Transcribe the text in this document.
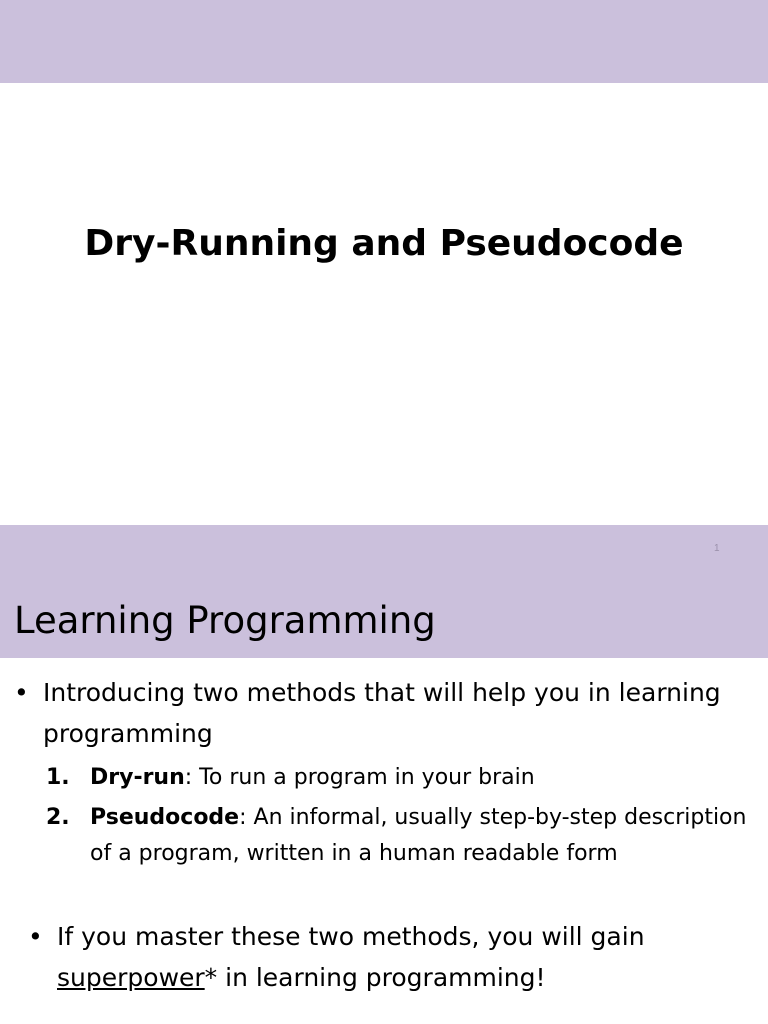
Dry-Running and Pseudocode
1
Learning Programming
• Introducing two methods that will help you in learning programming
1. Dry-run: To run a program in your brain
2. Pseudocode: An informal, usually step-by-step description of a program, written in a human readable form
• If you master these two methods, you will gain superpower* in learning programming!
